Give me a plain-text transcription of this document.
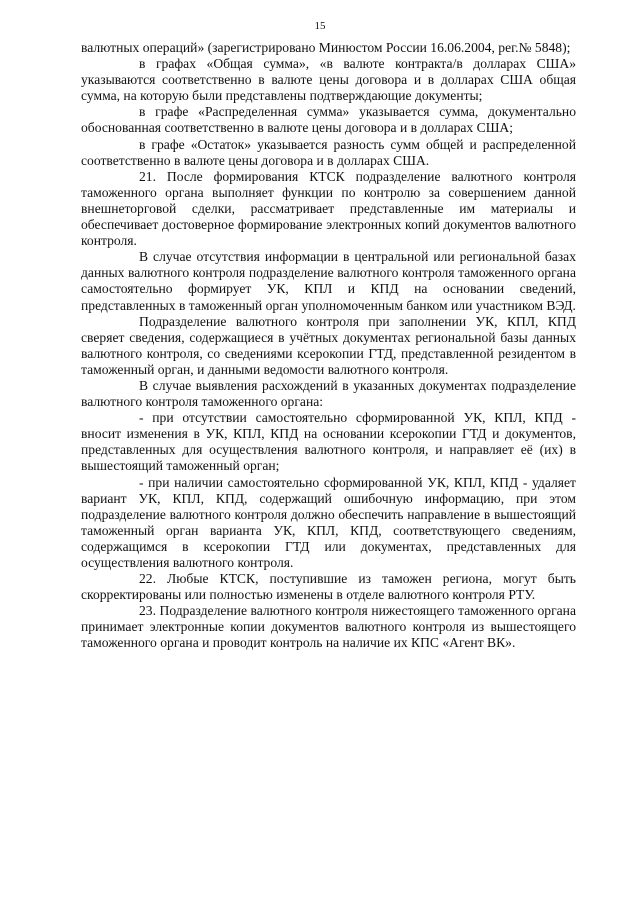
15

валютных операций» (зарегистрировано Минюстом России 16.06.2004, рег.№ 5848);

в графах «Общая сумма», «в валюте контракта/в долларах США» указываются соответственно в валюте цены договора и в долларах США общая сумма, на которую были представлены подтверждающие документы;

в графе «Распределенная сумма» указывается сумма, документально обоснованная соответственно в валюте цены договора и в долларах США;

в графе «Остаток» указывается разность сумм общей и распределенной соответственно в валюте цены договора и в долларах США.

21. После формирования КТСК подразделение валютного контроля таможенного органа выполняет функции по контролю за совершением данной внешнеторговой сделки, рассматривает представленные им материалы и обеспечивает достоверное формирование электронных копий документов валютного контроля.

В случае отсутствия информации в центральной или региональной базах данных валютного контроля подразделение валютного контроля таможенного органа самостоятельно формирует УК, КПЛ и КПД на основании сведений, представленных в таможенный орган уполномоченным банком или участником ВЭД.

Подразделение валютного контроля при заполнении УК, КПЛ, КПД сверяет сведения, содержащиеся в учётных документах региональной базы данных валютного контроля, со сведениями ксерокопии ГТД, представленной резидентом в таможенный орган, и данными ведомости валютного контроля.

В случае выявления расхождений в указанных документах подразделение валютного контроля таможенного органа:

- при отсутствии самостоятельно сформированной УК, КПЛ, КПД - вносит изменения в УК, КПЛ, КПД на основании ксерокопии ГТД и документов, представленных для осуществления валютного контроля, и направляет её (их) в вышестоящий таможенный орган;

- при наличии самостоятельно сформированной УК, КПЛ, КПД - удаляет вариант УК, КПЛ, КПД, содержащий ошибочную информацию, при этом подразделение валютного контроля должно обеспечить направление в вышестоящий таможенный орган варианта УК, КПЛ, КПД, соответствующего сведениям, содержащимся в ксерокопии ГТД или документах, представленных для осуществления валютного контроля.

22. Любые КТСК, поступившие из таможен региона, могут быть скорректированы или полностью изменены в отделе валютного контроля РТУ.

23. Подразделение валютного контроля нижестоящего таможенного органа принимает электронные копии документов валютного контроля из вышестоящего таможенного органа и проводит контроль на наличие их КПС «Агент ВК».
